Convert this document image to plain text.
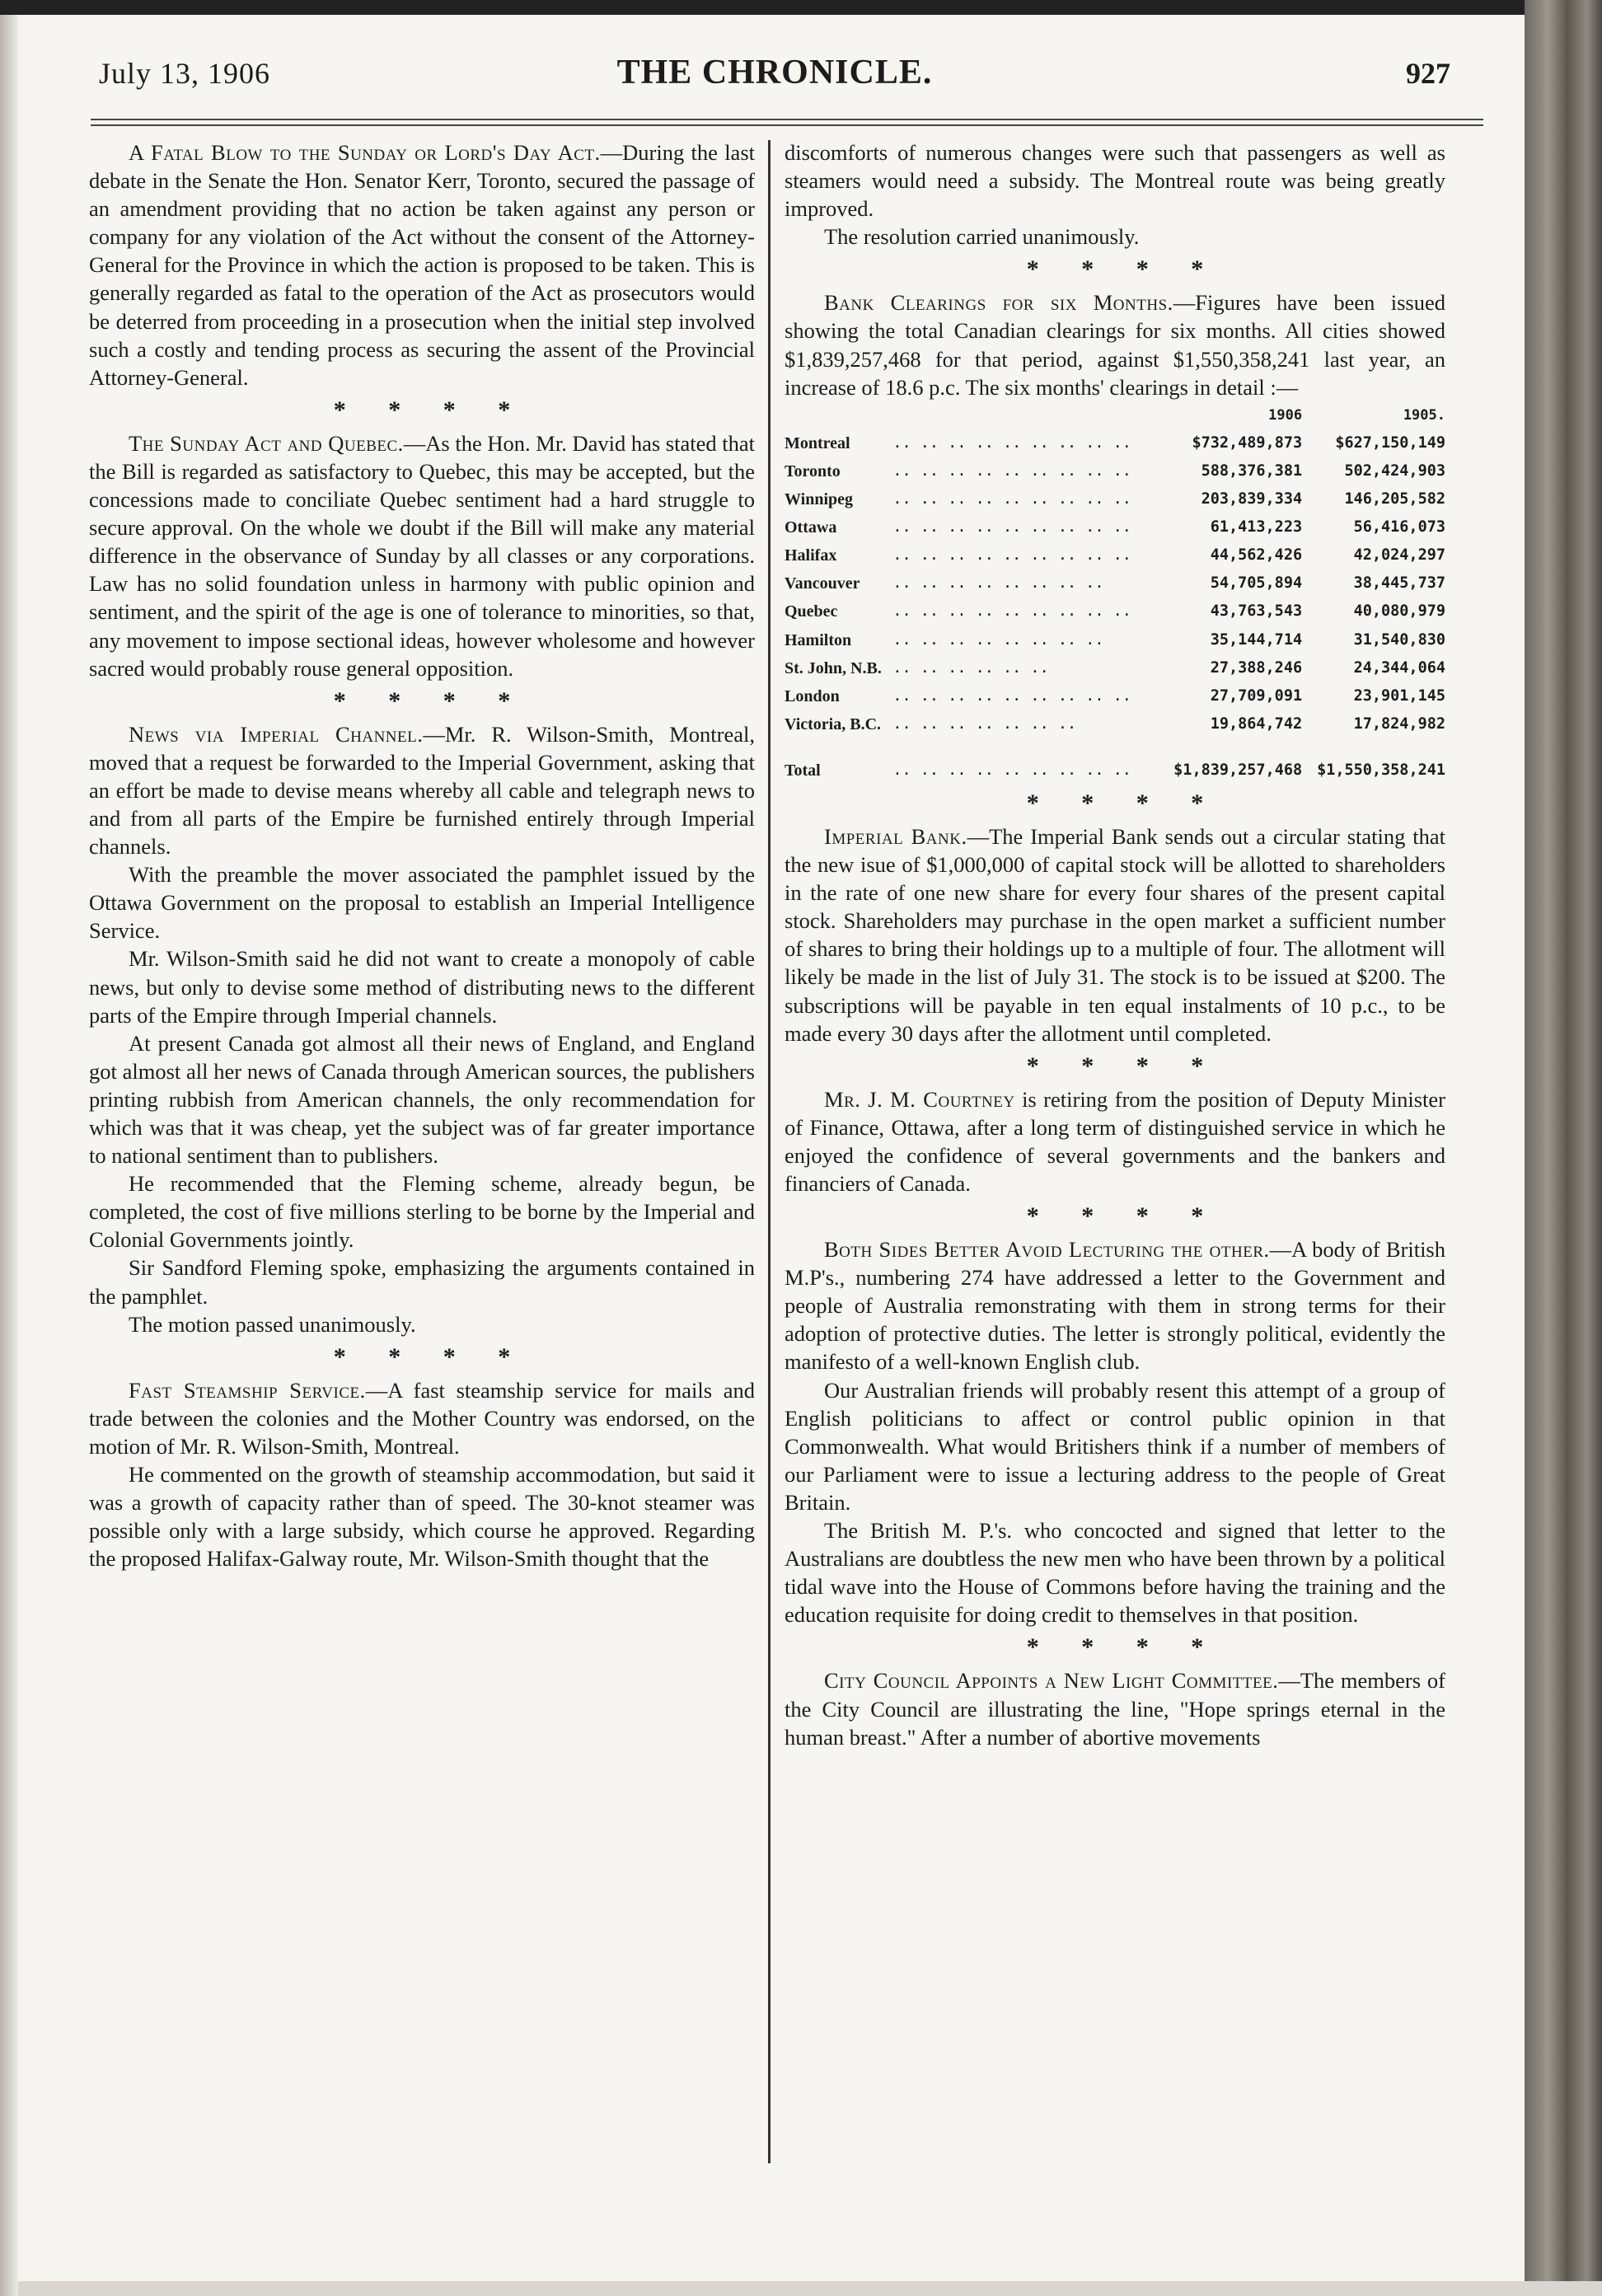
July 13, 1906	THE CHRONICLE.	927

A Fatal Blow to the Sunday or Lord's Day Act.—During the last debate in the Senate the Hon. Senator Kerr, Toronto, secured the passage of an amendment providing that no action be taken against any person or company for any violation of the Act without the consent of the Attorney-General for the Province in which the action is proposed to be taken. This is generally regarded as fatal to the operation of the Act as prosecutors would be deterred from proceeding in a prosecution when the initial step involved such a costly and tending process as securing the assent of the Provincial Attorney-General.

* * * *

The Sunday Act and Quebec.—As the Hon. Mr. David has stated that the Bill is regarded as satisfactory to Quebec, this may be accepted, but the concessions made to conciliate Quebec sentiment had a hard struggle to secure approval. On the whole we doubt if the Bill will make any material difference in the observance of Sunday by all classes or any corporations. Law has no solid foundation unless in harmony with public opinion and sentiment, and the spirit of the age is one of tolerance to minorities, so that, any movement to impose sectional ideas, however wholesome and however sacred would probably rouse general opposition.

* * * *

News via Imperial Channel.—Mr. R. Wilson-Smith, Montreal, moved that a request be forwarded to the Imperial Government, asking that an effort be made to devise means whereby all cable and telegraph news to and from all parts of the Empire be furnished entirely through Imperial channels.

With the preamble the mover associated the pamphlet issued by the Ottawa Government on the proposal to establish an Imperial Intelligence Service.

Mr. Wilson-Smith said he did not want to create a monopoly of cable news, but only to devise some method of distributing news to the different parts of the Empire through Imperial channels.

At present Canada got almost all their news of England, and England got almost all her news of Canada through American sources, the publishers printing rubbish from American channels, the only recommendation for which was that it was cheap, yet the subject was of far greater importance to national sentiment than to publishers.

He recommended that the Fleming scheme, already begun, be completed, the cost of five millions sterling to be borne by the Imperial and Colonial Governments jointly.

Sir Sandford Fleming spoke, emphasizing the arguments contained in the pamphlet.

The motion passed unanimously.

* * * *

Fast Steamship Service.—A fast steamship service for mails and trade between the colonies and the Mother Country was endorsed, on the motion of Mr. R. Wilson-Smith, Montreal.

He commented on the growth of steamship accommodation, but said it was a growth of capacity rather than of speed. The 30-knot steamer was possible only with a large subsidy, which course he approved. Regarding the proposed Halifax-Galway route, Mr. Wilson-Smith thought that the

discomforts of numerous changes were such that passengers as well as steamers would need a subsidy. The Montreal route was being greatly improved.

The resolution carried unanimously.

* * * *

Bank Clearings for six Months.—Figures have been issued showing the total Canadian clearings for six months. All cities showed $1,839,257,468 for that period, against $1,550,358,241 last year, an increase of 18.6 p.c. The six months' clearings in detail :—

		1906	1905.
Montreal	.. .. .. .. .. .. .. .. ..	$732,489,873	$627,150,149
Toronto	.. .. .. .. .. .. .. .. ..	588,376,381	502,424,903
Winnipeg	.. .. .. .. .. .. .. .. ..	203,839,334	146,205,582
Ottawa	.. .. .. .. .. .. .. .. ..	61,413,223	56,416,073
Halifax	.. .. .. .. .. .. .. .. ..	44,562,426	42,024,297
Vancouver	.. .. .. .. .. .. .. ..	54,705,894	38,445,737
Quebec	.. .. .. .. .. .. .. .. ..	43,763,543	40,080,979
Hamilton	.. .. .. .. .. .. .. ..	35,144,714	31,540,830
St. John, N.B.	.. .. .. .. .. ..	27,388,246	24,344,064
London	.. .. .. .. .. .. .. .. ..	27,709,091	23,901,145
Victoria, B.C.	.. .. .. .. .. .. ..	19,864,742	17,824,982
Total	.. .. .. .. .. .. .. .. ..	$1,839,257,468	$1,550,358,241
* * * *

Imperial Bank.—The Imperial Bank sends out a circular stating that the new isue of $1,000,000 of capital stock will be allotted to shareholders in the rate of one new share for every four shares of the present capital stock. Shareholders may purchase in the open market a sufficient number of shares to bring their holdings up to a multiple of four. The allotment will likely be made in the list of July 31. The stock is to be issued at $200. The subscriptions will be payable in ten equal instalments of 10 p.c., to be made every 30 days after the allotment until completed.

* * * *

Mr. J. M. Courtney is retiring from the position of Deputy Minister of Finance, Ottawa, after a long term of distinguished service in which he enjoyed the confidence of several governments and the bankers and financiers of Canada.

* * * *

Both Sides Better Avoid Lecturing the other.—A body of British M.P's., numbering 274 have addressed a letter to the Government and people of Australia remonstrating with them in strong terms for their adoption of protective duties. The letter is strongly political, evidently the manifesto of a well-known English club.

Our Australian friends will probably resent this attempt of a group of English politicians to affect or control public opinion in that Commonwealth. What would Britishers think if a number of members of our Parliament were to issue a lecturing address to the people of Great Britain.

The British M. P.'s. who concocted and signed that letter to the Australians are doubtless the new men who have been thrown by a political tidal wave into the House of Commons before having the training and the education requisite for doing credit to themselves in that position.

* * * *

City Council Appoints a New Light Committee.—The members of the City Council are illustrating the line, "Hope springs eternal in the human breast." After a number of abortive movements
